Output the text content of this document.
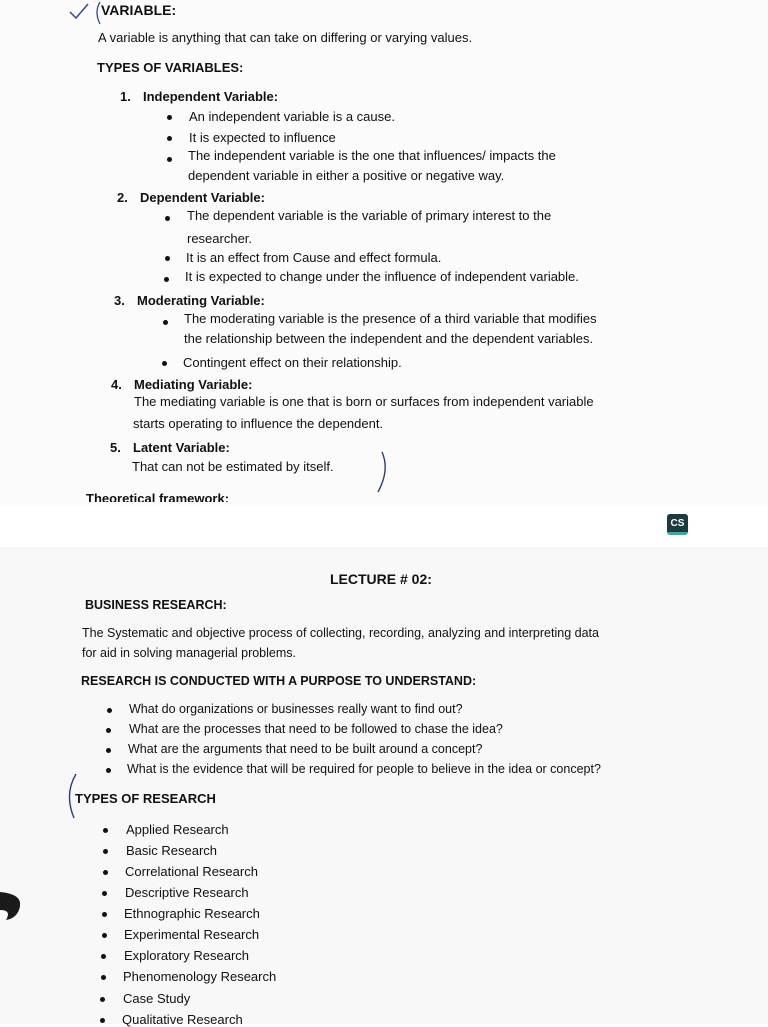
VARIABLE:
A variable is anything that can take on differing or varying values.
TYPES OF VARIABLES:
1. Independent Variable:
An independent variable is a cause.
It is expected to influence
The independent variable is the one that influences/ impacts the
dependent variable in either a positive or negative way.
2. Dependent Variable:
The dependent variable is the variable of primary interest to the
researcher.
It is an effect from Cause and effect formula.
It is expected to change under the influence of independent variable.
3. Moderating Variable:
The moderating variable is the presence of a third variable that modifies
the relationship between the independent and the dependent variables.
Contingent effect on their relationship.
4. Mediating Variable:
The mediating variable is one that is born or surfaces from independent variable
starts operating to influence the dependent.
5. Latent Variable:
That can not be estimated by itself.
Theoretical framework:
CS
LECTURE # 02:
BUSINESS RESEARCH:
The Systematic and objective process of collecting, recording, analyzing and interpreting data
for aid in solving managerial problems.
RESEARCH IS CONDUCTED WITH A PURPOSE TO UNDERSTAND:
What do organizations or businesses really want to find out?
What are the processes that need to be followed to chase the idea?
What are the arguments that need to be built around a concept?
What is the evidence that will be required for people to believe in the idea or concept?
TYPES OF RESEARCH
Applied Research
Basic Research
Correlational Research
Descriptive Research
Ethnographic Research
Experimental Research
Exploratory Research
Phenomenology Research
Case Study
Qualitative Research
